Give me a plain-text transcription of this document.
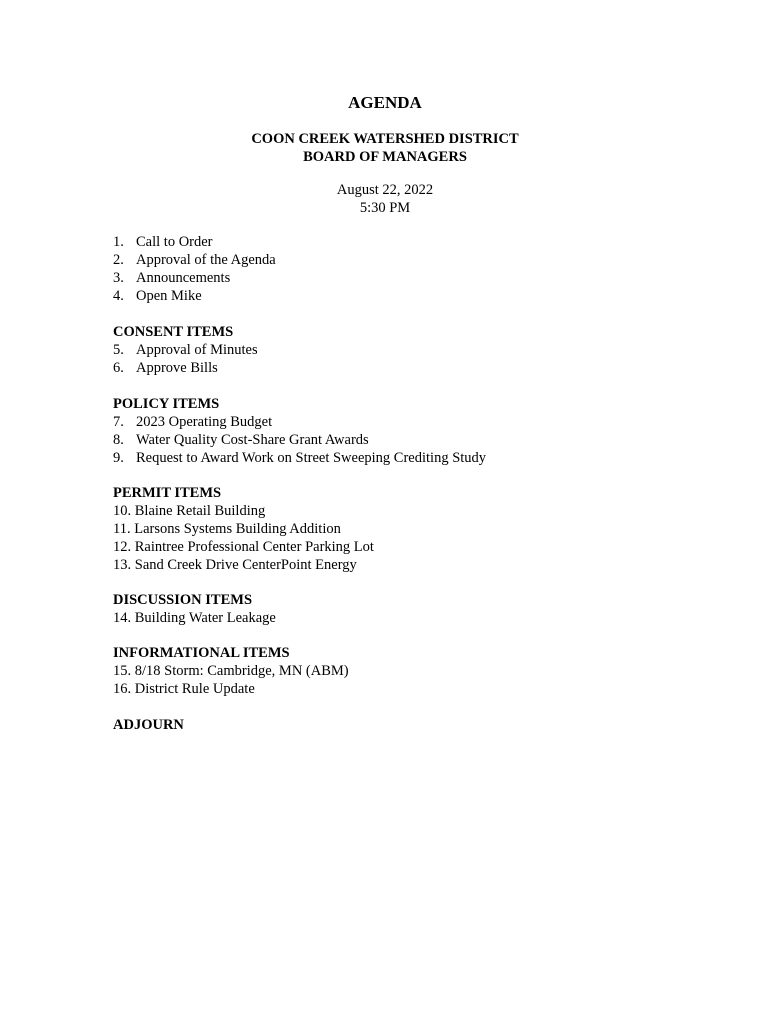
AGENDA
COON CREEK WATERSHED DISTRICT
BOARD OF MANAGERS
August 22, 2022
5:30 PM
1. Call to Order
2. Approval of the Agenda
3. Announcements
4. Open Mike
CONSENT ITEMS
5. Approval of Minutes
6. Approve Bills
POLICY ITEMS
7. 2023 Operating Budget
8. Water Quality Cost-Share Grant Awards
9. Request to Award Work on Street Sweeping Crediting Study
PERMIT ITEMS
10. Blaine Retail Building
11. Larsons Systems Building Addition
12. Raintree Professional Center Parking Lot
13. Sand Creek Drive CenterPoint Energy
DISCUSSION ITEMS
14. Building Water Leakage
INFORMATIONAL ITEMS
15. 8/18 Storm: Cambridge, MN (ABM)
16. District Rule Update
ADJOURN
